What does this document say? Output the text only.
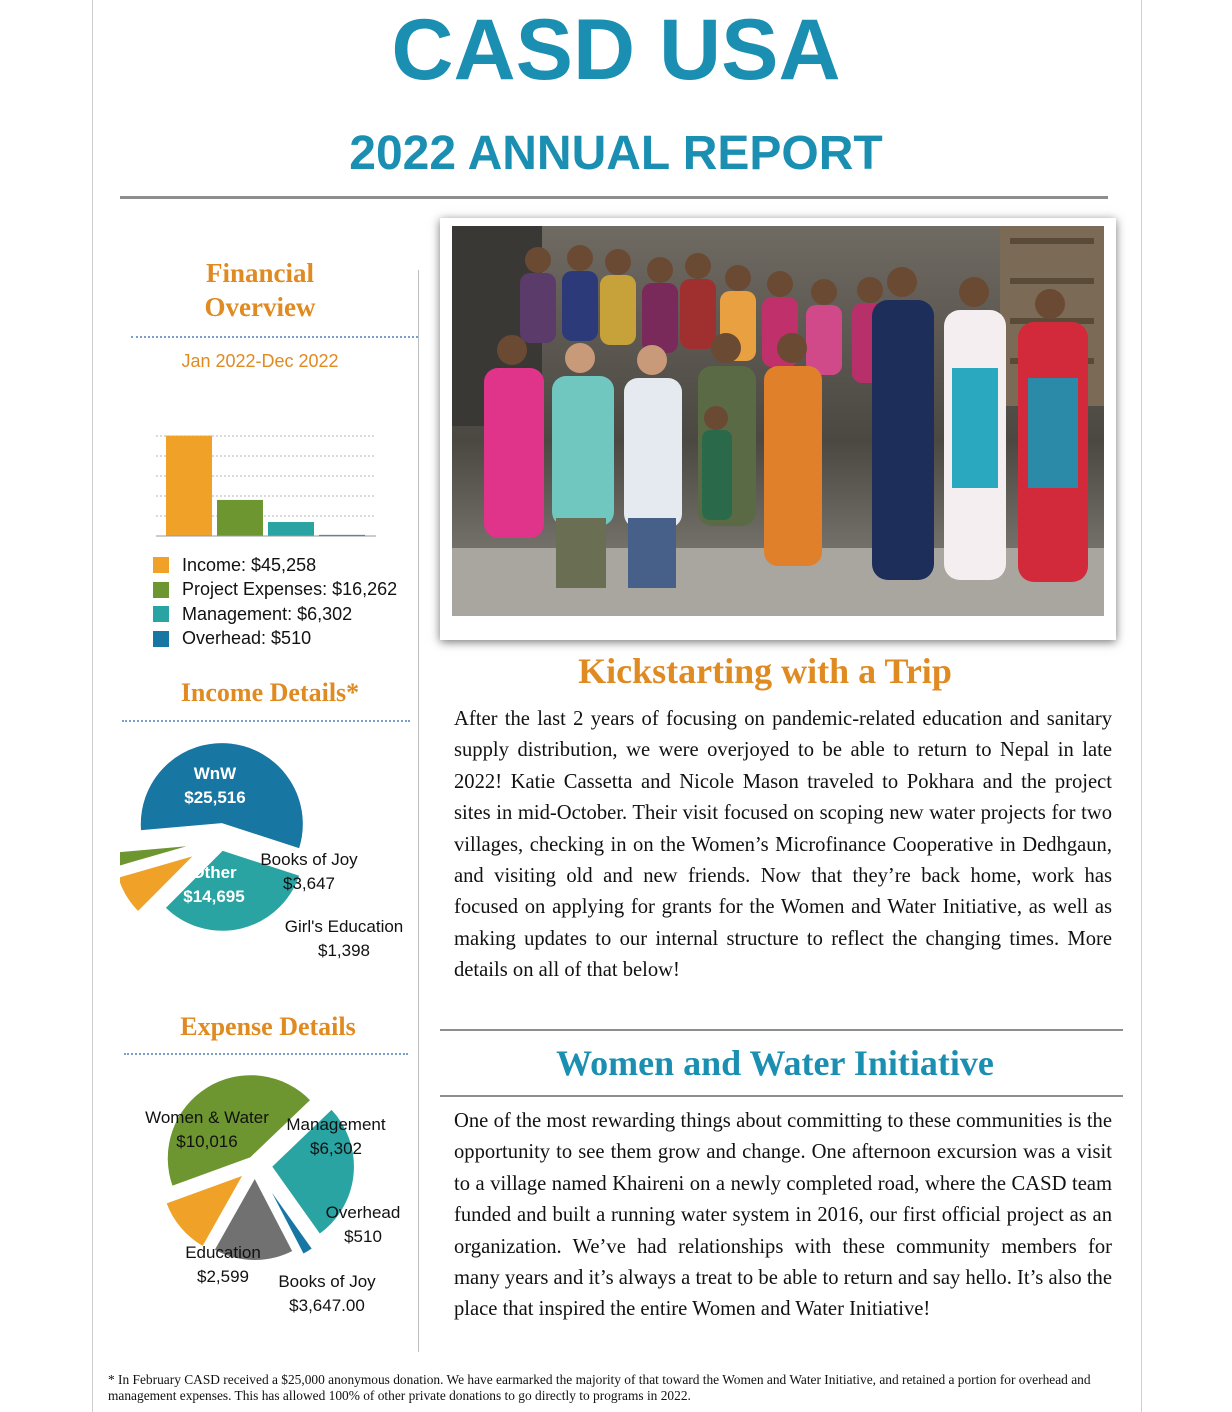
CASD USA
2022 ANNUAL REPORT
Financial
Overview
Jan 2022-Dec 2022
Income: $45,258
Project Expenses: $16,262
Management: $6,302
Overhead: $510
Income Details*
WnW
$25,516
Other
$14,695
Books of Joy
$3,647
Girl's Education
$1,398
Expense Details
Women & Water
$10,016
Management
$6,302
Overhead
$510
Education
$2,599	Books of Joy
$3,647.00
Kickstarting with a Trip
After the last 2 years of focusing on pandemic-related education and sanitary supply distribution, we were overjoyed to be able to return to Nepal in late 2022! Katie Cassetta and Nicole Mason traveled to Pokhara and the project sites in mid-October. Their visit focused on scoping new water projects for two villages, checking in on the Women’s Microfinance Cooperative in Dedhgaun, and visiting old and new friends. Now that they’re back home, work has focused on applying for grants for the Women and Water Initiative, as well as making updates to our internal structure to reflect the changing times. More details on all of that below!
Women and Water Initiative
One of the most rewarding things about committing to these communities is the opportunity to see them grow and change. One afternoon excursion was a visit to a village named Khaireni on a newly completed road, where the CASD team funded and built a running water system in 2016, our first official project as an organization. We’ve had relationships with these community members for many years and it’s always a treat to be able to return and say hello. It’s also the place that inspired the entire Women and Water Initiative!
* In February CASD received a $25,000 anonymous donation. We have earmarked the majority of that toward the Women and Water Initiative, and retained a portion for overhead and management expenses. This has allowed 100% of other private donations to go directly to programs in 2022.
